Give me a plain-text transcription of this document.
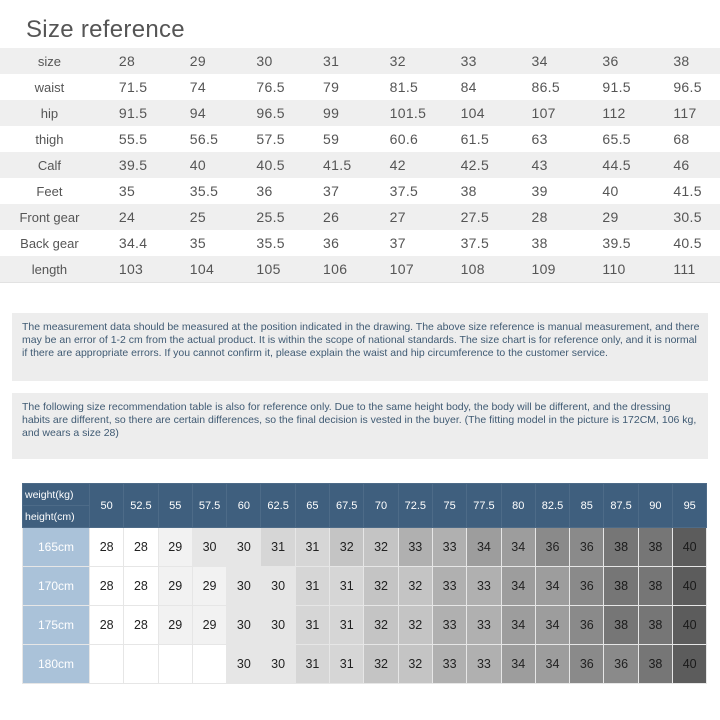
Size reference
size	28	29	30	31	32	33	34	36	38
waist	71.5	74	76.5	79	81.5	84	86.5	91.5	96.5
hip	91.5	94	96.5	99	101.5	104	107	112	117
thigh	55.5	56.5	57.5	59	60.6	61.5	63	65.5	68
Calf	39.5	40	40.5	41.5	42	42.5	43	44.5	46
Feet	35	35.5	36	37	37.5	38	39	40	41.5
Front gear	24	25	25.5	26	27	27.5	28	29	30.5
Back gear	34.4	35	35.5	36	37	37.5	38	39.5	40.5
length	103	104	105	106	107	108	109	110	111
The measurement data should be measured at the position indicated in the drawing. The above size reference is manual measurement, and there may be an error of 1-2 cm from the actual product. It is within the scope of national standards. The size chart is for reference only, and it is normal if there are appropriate errors. If you cannot confirm it, please explain the waist and hip circumference to the customer service.
The following size recommendation table is also for reference only. Due to the same height body, the body will be different, and the dressing habits are different, so there are certain differences, so the final decision is vested in the buyer. (The fitting model in the picture is 172CM, 106 kg, and wears a size 28)
weight(kg)	50	52.5	55	57.5	60	62.5	65	67.5	70	72.5	75	77.5	80	82.5	85	87.5	90	95
height(cm)																		
165cm	28	28	29	30	30	31	31	32	32	33	33	34	34	36	36	38	38	40
170cm	28	28	29	29	30	30	31	31	32	32	33	33	34	34	36	38	38	40
175cm	28	28	29	29	30	30	31	31	32	32	33	33	34	34	36	38	38	40
180cm					30	30	31	31	32	32	33	33	34	34	36	36	38	40
